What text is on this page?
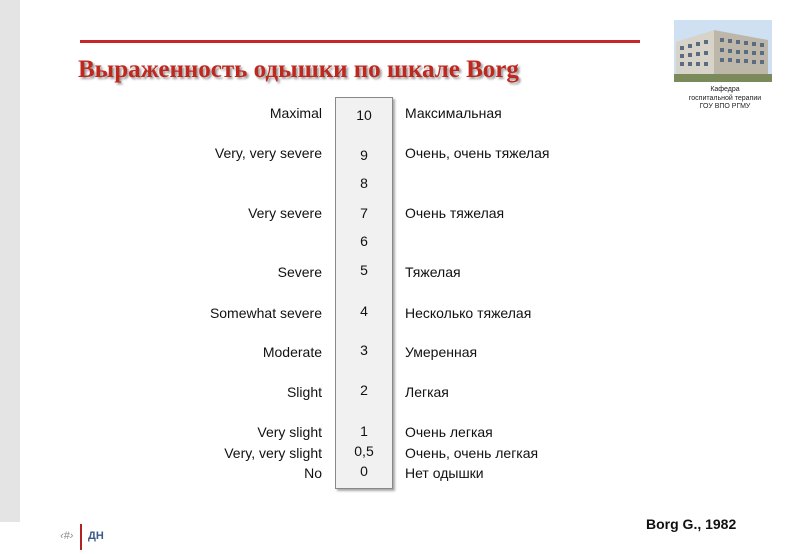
‹#› ДН
Выраженность одышки по шкале Borg
Кафедра
госпитальной терапии
ГОУ ВПО РГМУ
Maximal	10	Максимальная
Very, very severe	9	Очень, очень тяжелая
8
Very severe	7	Очень тяжелая
6
Severe	5	Тяжелая
Somewhat severe	4	Несколько тяжелая
Moderate	3	Умеренная
Slight	2	Легкая
Very slight	1	Очень легкая
Very, very slight	0,5	Очень, очень легкая
No	0	Нет одышки
Borg G., 1982
